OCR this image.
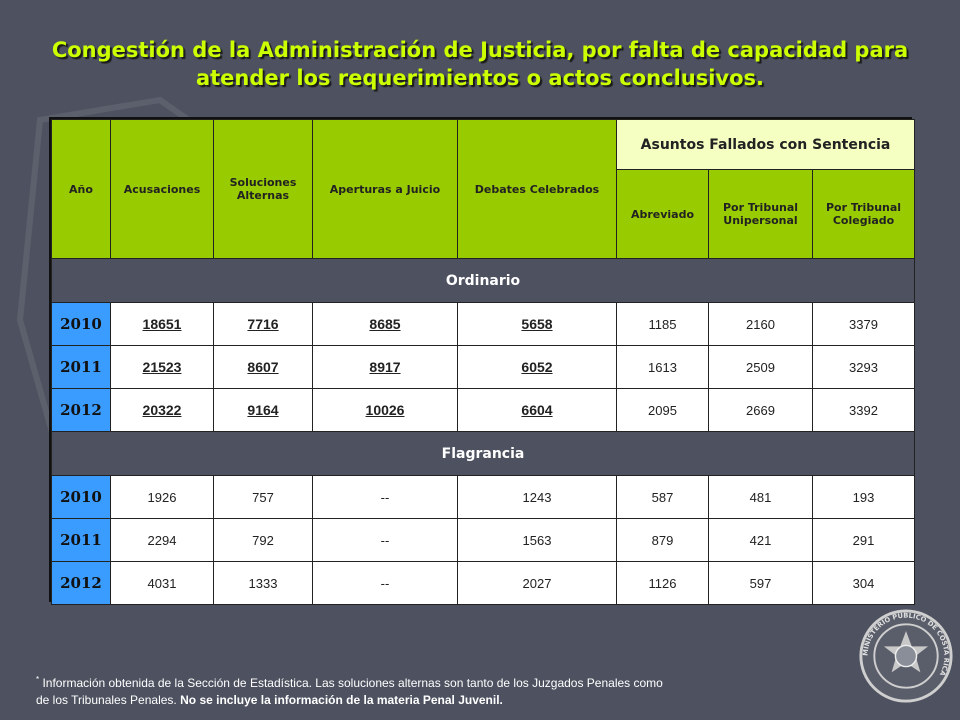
Congestión de la Administración de Justicia, por falta de capacidad para atender los requerimientos o actos conclusivos.
Año	Acusaciones	Soluciones Alternas	Aperturas a Juicio	Debates Celebrados	Asuntos Fallados con Sentencia		
					Abreviado	Por Tribunal Unipersonal	Por Tribunal Colegiado
Ordinario							
2010	18651	7716	8685	5658	1185	2160	3379
2011	21523	8607	8917	6052	1613	2509	3293
2012	20322	9164	10026	6604	2095	2669	3392
Flagrancia							
2010	1926	757	--	1243	587	481	193
2011	2294	792	--	1563	879	421	291
2012	4031	1333	--	2027	1126	597	304
* Información obtenida de la Sección de Estadística. Las soluciones alternas son tanto de los Juzgados Penales como de los Tribunales Penales. No se incluye la información de la materia Penal Juvenil.
MINISTERIO PÚBLICO DE COSTA RICA
